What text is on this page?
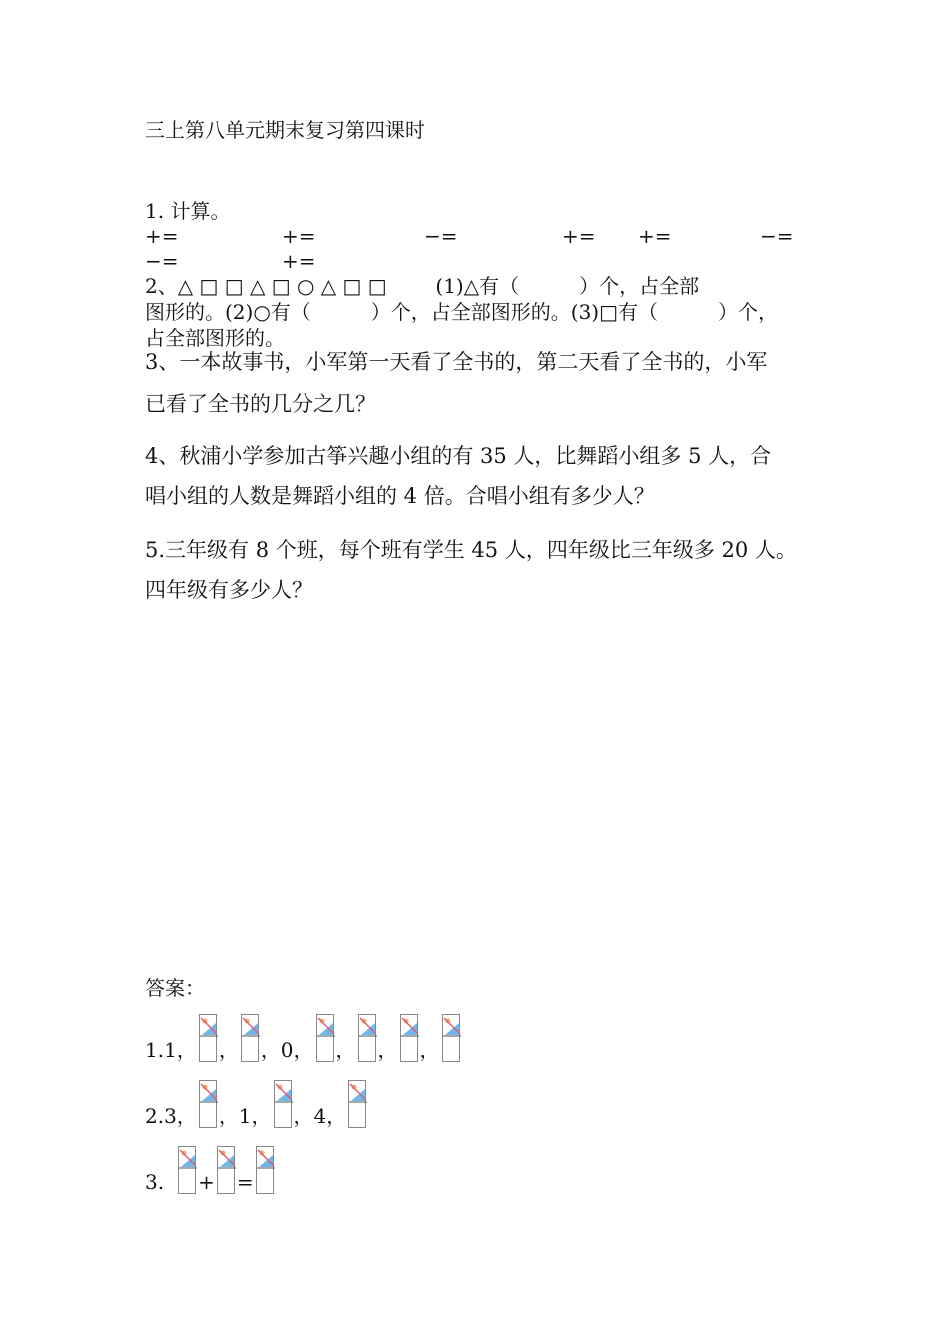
三上第八单元期末复习第四课时
1. 计算。
+=	+=	−=	+= +=	−=
−=	+=
2、△ □ □ △ □ ○ △ □ □ (1)△有（　　　）个，占全部
图形的。(2)○有（　　　）个，占全部图形的。(3)□有（　　　）个，
占全部图形的。
3、一本故事书，小军第一天看了全书的，第二天看了全书的，小军
已看了全书的几分之几？
4、秋浦小学参加古筝兴趣小组的有 35 人，比舞蹈小组多 5 人，合
唱小组的人数是舞蹈小组的 4 倍。合唱小组有多少人？
5.三年级有 8 个班，每个班有学生 45 人，四年级比三年级多 20 人。
四年级有多少人？
答案：
1.1， ， ，0， ， ， ，
2.3， ，1， ，4，
3. + =
